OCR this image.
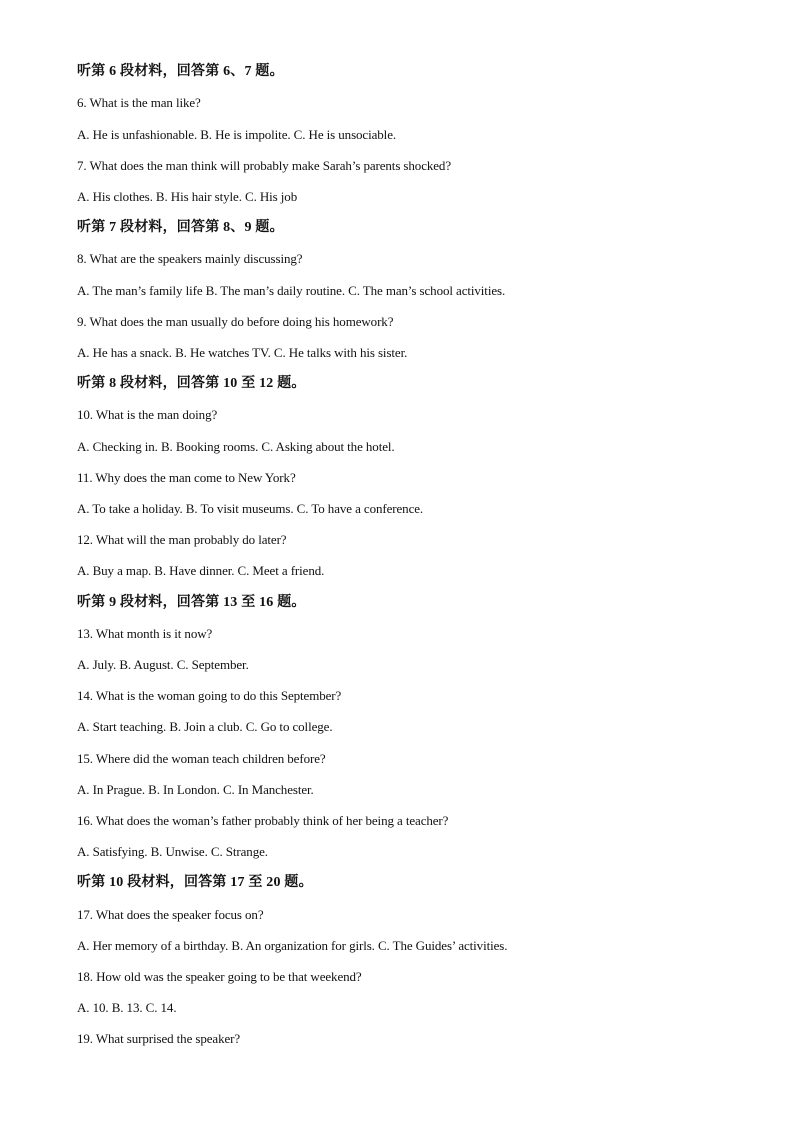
听第 6 段材料，回答第 6、7 题。
6. What is the man like?
A. He is unfashionable. B. He is impolite. C. He is unsociable.
7. What does the man think will probably make Sarah’s parents shocked?
A. His clothes. B. His hair style. C. His job
听第 7 段材料，回答第 8、9 题。
8. What are the speakers mainly discussing?
A. The man’s family life B. The man’s daily routine. C. The man’s school activities.
9. What does the man usually do before doing his homework?
A. He has a snack. B. He watches TV. C. He talks with his sister.
听第 8 段材料，回答第 10 至 12 题。
10. What is the man doing?
A. Checking in. B. Booking rooms. C. Asking about the hotel.
11. Why does the man come to New York?
A. To take a holiday. B. To visit museums. C. To have a conference.
12. What will the man probably do later?
A. Buy a map. B. Have dinner. C. Meet a friend.
听第 9 段材料，回答第 13 至 16 题。
13. What month is it now?
A. July. B. August. C. September.
14. What is the woman going to do this September?
A. Start teaching. B. Join a club. C. Go to college.
15. Where did the woman teach children before?
A. In Prague. B. In London. C. In Manchester.
16. What does the woman’s father probably think of her being a teacher?
A. Satisfying. B. Unwise. C. Strange.
听第 10 段材料，回答第 17 至 20 题。
17. What does the speaker focus on?
A. Her memory of a birthday. B. An organization for girls. C. The Guides’ activities.
18. How old was the speaker going to be that weekend?
A. 10. B. 13. C. 14.
19. What surprised the speaker?
